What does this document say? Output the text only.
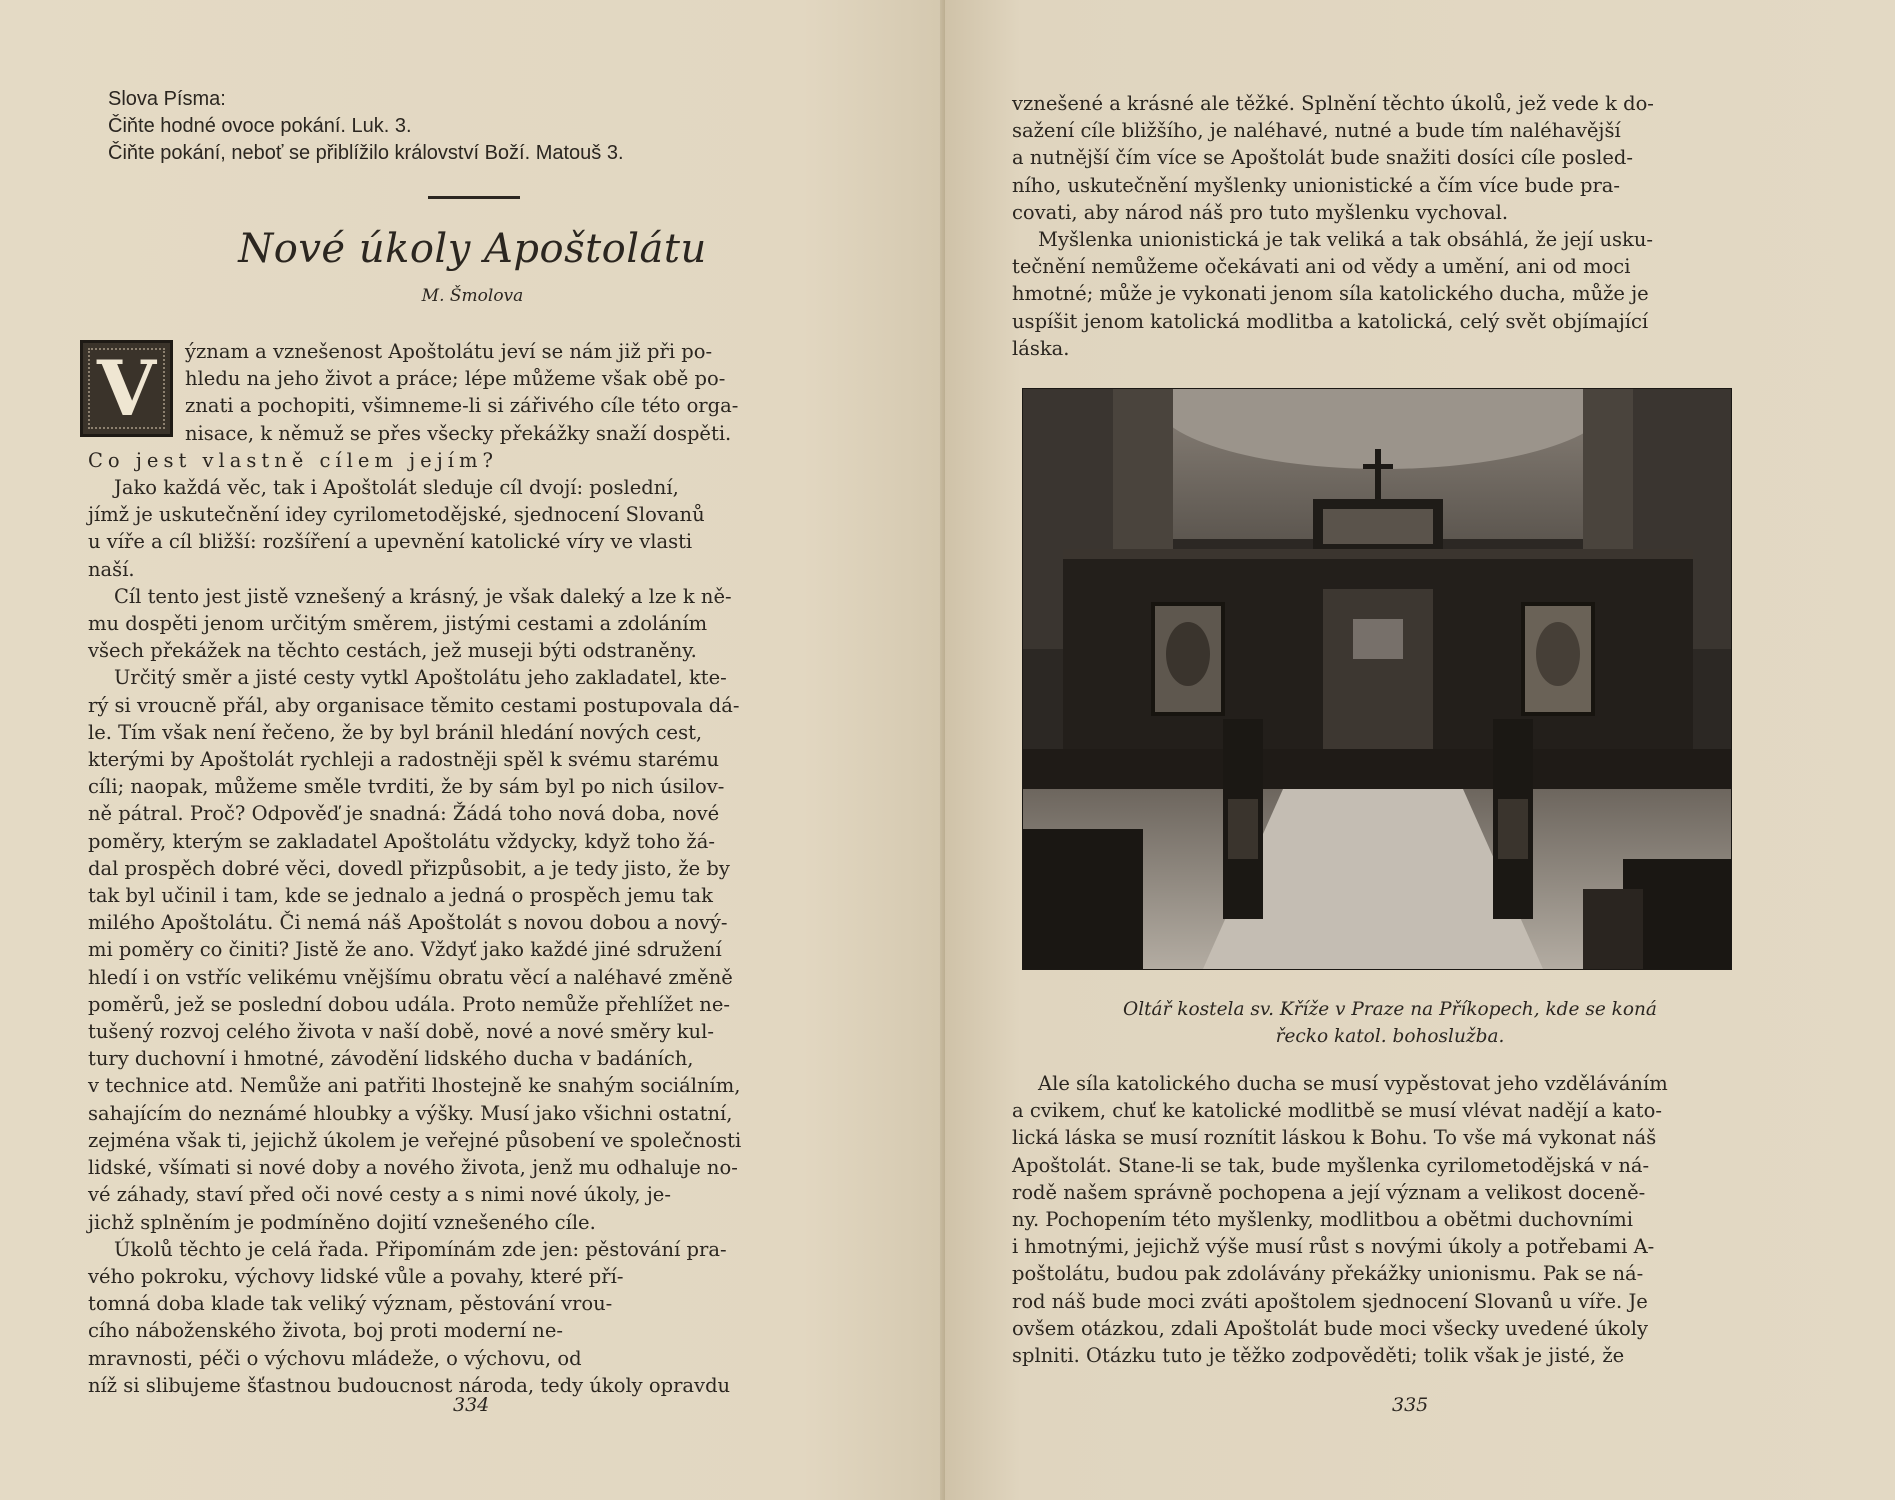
Slova Písma:
Čiňte hodné ovoce pokání. Luk. 3.
Čiňte pokání, neboť se přiblížilo království Boží. Matouš 3.
Nové úkoly Apoštolátu
M. Šmolova
V	ýznam a vznešenost Apoštolátu jeví se nám již při po-

hledu na jeho život a práce; lépe můžeme však obě po-

znati a pochopiti, všimneme-li si zářivého cíle této orga-

nisace, k němuž se přes všecky překážky snaží dospěti.

Co jest vlastně cílem jejím?

Jako každá věc, tak i Apoštolát sleduje cíl dvojí: poslední,

jímž je uskutečnění idey cyrilometodějské, sjednocení Slovanů

u víře a cíl bližší: rozšíření a upevnění katolické víry ve vlasti

naší.

Cíl tento jest jistě vznešený a krásný, je však daleký a lze k ně-

mu dospěti jenom určitým směrem, jistými cestami a zdoláním

všech překážek na těchto cestách, jež museji býti odstraněny.

Určitý směr a jisté cesty vytkl Apoštolátu jeho zakladatel, kte-

rý si vroucně přál, aby organisace těmito cestami postupovala dá-

le. Tím však není řečeno, že by byl bránil hledání nových cest,

kterými by Apoštolát rychleji a radostněji spěl k svému starému

cíli; naopak, můžeme směle tvrditi, že by sám byl po nich úsilov-

ně pátral. Proč? Odpověď je snadná: Žádá toho nová doba, nové

poměry, kterým se zakladatel Apoštolátu vždycky, když toho žá-

dal prospěch dobré věci, dovedl přizpůsobit, a je tedy jisto, že by

tak byl učinil i tam, kde se jednalo a jedná o prospěch jemu tak

milého Apoštolátu. Či nemá náš Apoštolát s novou dobou a nový-

mi poměry co činiti? Jistě že ano. Vždyť jako každé jiné sdružení

hledí i on vstříc velikému vnějšímu obratu věcí a naléhavé změně

poměrů, jež se poslední dobou udála. Proto nemůže přehlížet ne-

tušený rozvoj celého života v naší době, nové a nové směry kul-

tury duchovní i hmotné, závodění lidského ducha v badáních,

v technice atd. Nemůže ani patřiti lhostejně ke snahým sociálním,

sahajícím do neznámé hloubky a výšky. Musí jako všichni ostatní,

zejména však ti, jejichž úkolem je veřejné působení ve společnosti

lidské, všímati si nové doby a nového života, jenž mu odhaluje no-

vé záhady, staví před oči nové cesty a s nimi nové úkoly, je-

jichž splněním je podmíněno dojití vznešeného cíle.

Úkolů těchto je celá řada. Připomínám zde jen: pěstování pra-

vého pokroku, výchovy lidské vůle a povahy, které pří-

tomná doba klade tak veliký význam, pěstování vrou-

cího náboženského života, boj proti moderní ne-

mravnosti, péči o výchovu mládeže, o výchovu, od

níž si slibujeme šťastnou budoucnost národa, tedy úkoly opravdu

334

vznešené a krásné ale těžké. Splnění těchto úkolů, jež vede k do-

sažení cíle bližšího, je naléhavé, nutné a bude tím naléhavější

a nutnější čím více se Apoštolát bude snažiti dosíci cíle posled-

ního, uskutečnění myšlenky unionistické a čím více bude pra-

covati, aby národ náš pro tuto myšlenku vychoval.

Myšlenka unionistická je tak veliká a tak obsáhlá, že její usku-

tečnění nemůžeme očekávati ani od vědy a umění, ani od moci

hmotné; může je vykonati jenom síla katolického ducha, může je

uspíšit jenom katolická modlitba a katolická, celý svět objímající

láska.

Oltář kostela sv. Kříže v Praze na Příkopech, kde se koná
řecko katol. bohoslužba.

Ale síla katolického ducha se musí vypěstovat jeho vzděláváním

a cvikem, chuť ke katolické modlitbě se musí vlévat nadějí a kato-

lická láska se musí roznítit láskou k Bohu. To vše má vykonat náš

Apoštolát. Stane-li se tak, bude myšlenka cyrilometodějská v ná-

rodě našem správně pochopena a její význam a velikost doceně-

ny. Pochopením této myšlenky, modlitbou a obětmi duchovními

i hmotnými, jejichž výše musí růst s novými úkoly a potřebami A-

poštolátu, budou pak zdolávány překážky unionismu. Pak se ná-

rod náš bude moci zváti apoštolem sjednocení Slovanů u víře. Je

ovšem otázkou, zdali Apoštolát bude moci všecky uvedené úkoly

splniti. Otázku tuto je těžko zodpověděti; tolik však je jisté, že

335
